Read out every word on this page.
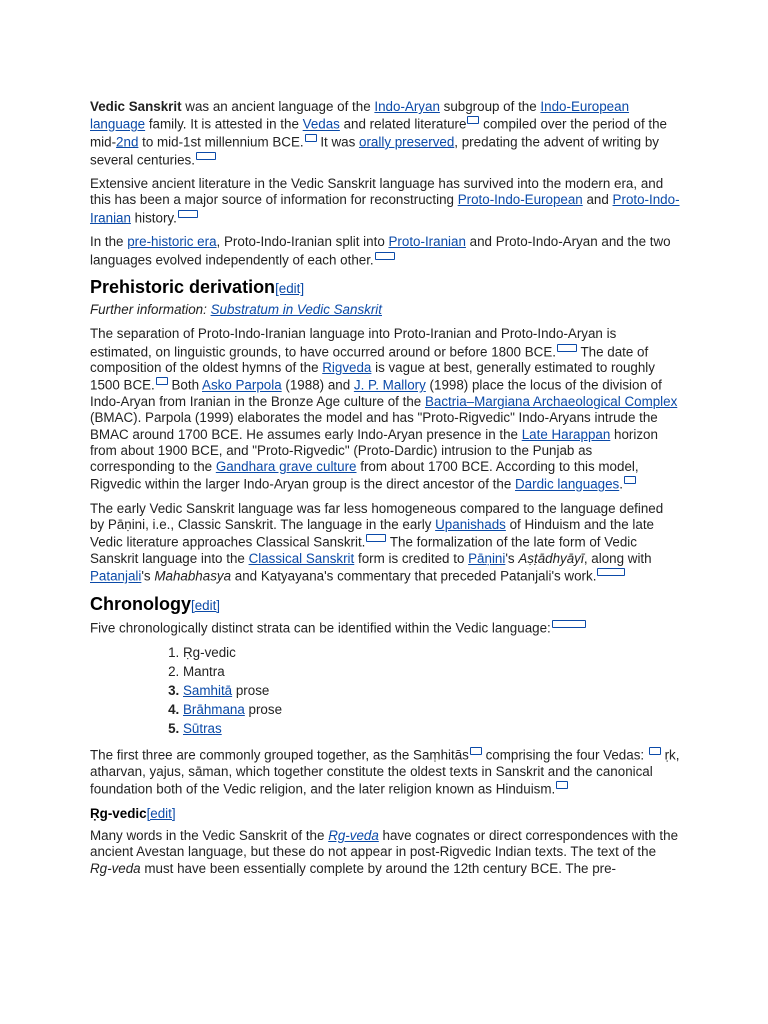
Vedic Sanskrit was an ancient language of the Indo-Aryan subgroup of the Indo-European language family. It is attested in the Vedas and related literature compiled over the period of the mid-2nd to mid-1st millennium BCE. It was orally preserved, predating the advent of writing by several centuries.

Extensive ancient literature in the Vedic Sanskrit language has survived into the modern era, and this has been a major source of information for reconstructing Proto-Indo-European and Proto-Indo-Iranian history.

In the pre-historic era, Proto-Indo-Iranian split into Proto-Iranian and Proto-Indo-Aryan and the two languages evolved independently of each other.

Prehistoric derivation[edit]
Further information: Substratum in Vedic Sanskrit

The separation of Proto-Indo-Iranian language into Proto-Iranian and Proto-Indo-Aryan is estimated, on linguistic grounds, to have occurred around or before 1800 BCE. The date of composition of the oldest hymns of the Rigveda is vague at best, generally estimated to roughly 1500 BCE. Both Asko Parpola (1988) and J. P. Mallory (1998) place the locus of the division of Indo-Aryan from Iranian in the Bronze Age culture of the Bactria–Margiana Archaeological Complex (BMAC). Parpola (1999) elaborates the model and has "Proto-Rigvedic" Indo-Aryans intrude the BMAC around 1700 BCE. He assumes early Indo-Aryan presence in the Late Harappan horizon from about 1900 BCE, and "Proto-Rigvedic" (Proto-Dardic) intrusion to the Punjab as corresponding to the Gandhara grave culture from about 1700 BCE. According to this model, Rigvedic within the larger Indo-Aryan group is the direct ancestor of the Dardic languages.

The early Vedic Sanskrit language was far less homogeneous compared to the language defined by Pāṇini, i.e., Classic Sanskrit. The language in the early Upanishads of Hinduism and the late Vedic literature approaches Classical Sanskrit. The formalization of the late form of Vedic Sanskrit language into the Classical Sanskrit form is credited to Pāṇini's Aṣṭādhyāyī, along with Patanjali's Mahabhasya and Katyayana's commentary that preceded Patanjali's work.

Chronology[edit]

Five chronologically distinct strata can be identified within the Vedic language:

1. Ṛg-vedic
2. Mantra
3. Samhitā prose
4. Brāhmana prose
5. Sūtras

The first three are commonly grouped together, as the Saṃhitās comprising the four Vedas:  ṛk, atharvan, yajus, sāman, which together constitute the oldest texts in Sanskrit and the canonical foundation both of the Vedic religion, and the later religion known as Hinduism.

Ṛg-vedic[edit]

Many words in the Vedic Sanskrit of the Rg-veda have cognates or direct correspondences with the ancient Avestan language, but these do not appear in post-Rigvedic Indian texts. The text of the Rg-veda must have been essentially complete by around the 12th century BCE. The pre-
